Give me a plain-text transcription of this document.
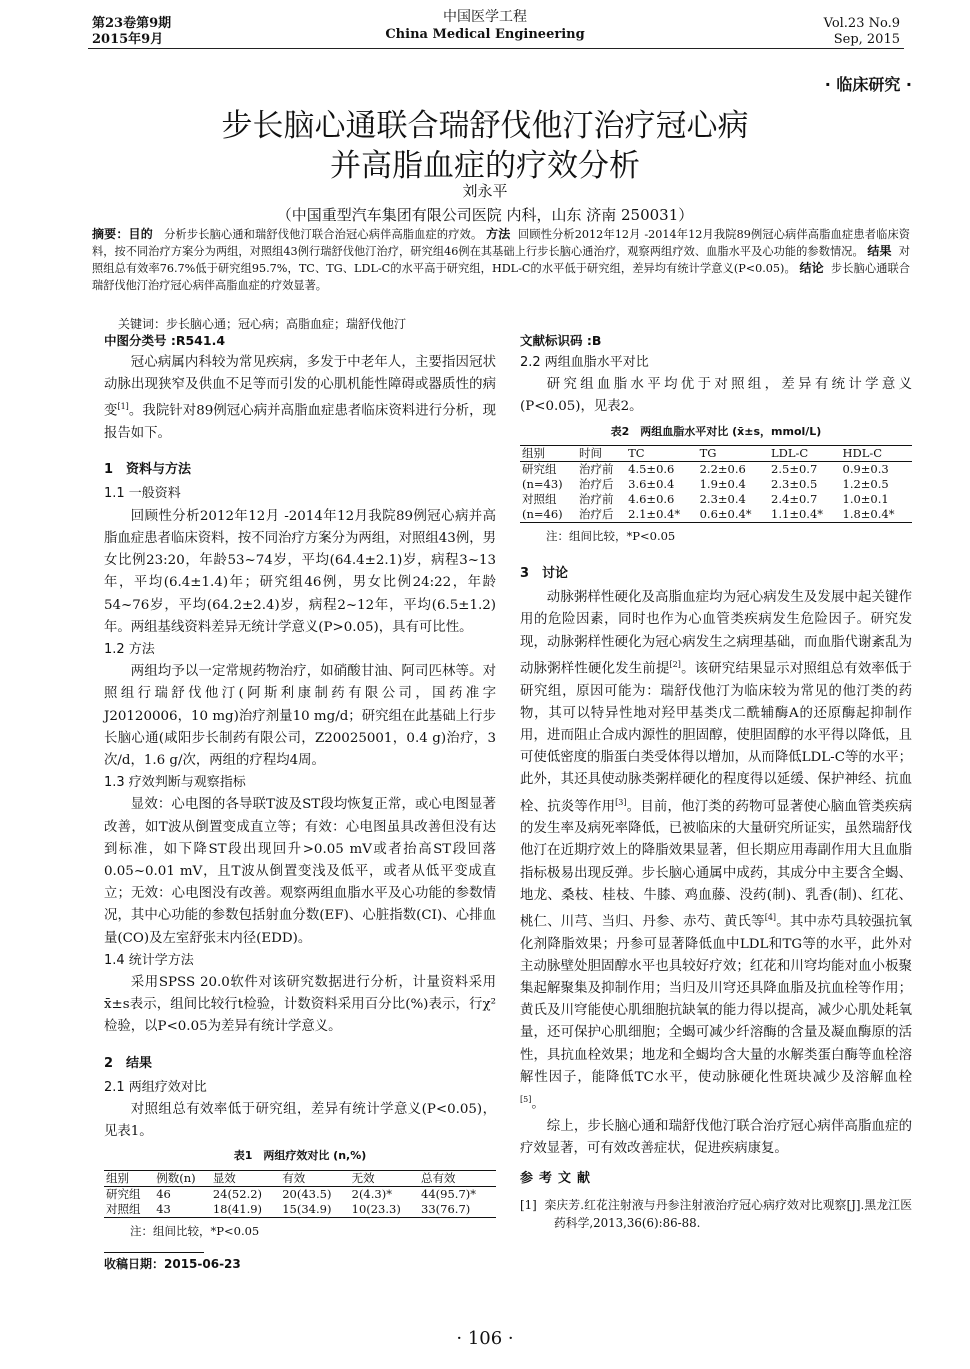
第23卷第9期
2015年9月
中国医学工程
China Medical Engineering
Vol.23 No.9
Sep, 2015
· 临床研究 ·
步长脑心通联合瑞舒伐他汀治疗冠心病
并高脂血症的疗效分析
刘永平
（中国重型汽车集团有限公司医院 内科，山东 济南 250031）
摘要：目的 分析步长脑心通和瑞舒伐他汀联合治冠心病伴高脂血症的疗效。 方法 回顾性分析2012年12月 -2014年12月我院89例冠心病伴高脂血症患者临床资料，按不同治疗方案分为两组，对照组43例行瑞舒伐他汀治疗，研究组46例在其基础上行步长脑心通治疗，观察两组疗效、血脂水平及心功能的参数情况。 结果 对照组总有效率76.7%低于研究组95.7%，TC、TG、LDL-C的水平高于研究组，HDL-C的水平低于研究组，差异均有统计学意义(P<0.05)。 结论 步长脑心通联合瑞舒伐他汀治疗冠心病伴高脂血症的疗效显著。
关键词：步长脑心通；冠心病；高脂血症；瑞舒伐他汀
中图分类号 :R541.4	文献标识码 :B

冠心病属内科较为常见疾病，多发于中老年人，主要指因冠状动脉出现狭窄及供血不足等而引发的心肌机能性障碍或器质性的病变[1]。我院针对89例冠心病并高脂血症患者临床资料进行分析，现报告如下。

1　资料与方法
1.1 一般资料

回顾性分析2012年12月 -2014年12月我院89例冠心病并高脂血症患者临床资料，按不同治疗方案分为两组，对照组43例，男女比例23:20，年龄53~74岁，平均(64.4±2.1)岁，病程3~13年，平均(6.4±1.4)年；研究组46例，男女比例24:22，年龄54~76岁，平均(64.2±2.4)岁，病程2~12年，平均(6.5±1.2)年。两组基线资料差异无统计学意义(P>0.05)，具有可比性。

1.2 方法

两组均予以一定常规药物治疗，如硝酸甘油、阿司匹林等。对照组行瑞舒伐他汀(阿斯利康制药有限公司，国药准字J20120006，10 mg)治疗剂量10 mg/d；研究组在此基础上行步长脑心通(咸阳步长制药有限公司，Z20025001，0.4 g)治疗，3次/d，1.6 g/次，两组的疗程均4周。

1.3 疗效判断与观察指标

显效：心电图的各导联T波及ST段均恢复正常，或心电图显著改善，如T波从倒置变成直立等；有效：心电图虽具改善但没有达到标准，如下降ST段出现回升>0.05 mV或者抬高ST段回落0.05~0.01 mV，且T波从倒置变浅及低平，或者从低平变成直立；无效：心电图没有改善。观察两组血脂水平及心功能的参数情况，其中心功能的参数包括射血分数(EF)、心脏指数(CI)、心排血量(CO)及左室舒张末内径(EDD)。

1.4 统计学方法

采用SPSS 20.0软件对该研究数据进行分析，计量资料采用x̄±s表示，组间比较行t检验，计数资料采用百分比(%)表示，行χ²检验，以P<0.05为差异有统计学意义。

2　结果
2.1 两组疗效对比

对照组总有效率低于研究组，差异有统计学意义(P<0.05)，见表1。

表1　两组疗效对比 (n,%)
组别	例数(n)	显效	有效	无效	总有效
研究组	46	24(52.2)	20(43.5)	2(4.3)*	44(95.7)*
对照组	43	18(41.9)	15(34.9)	10(23.3)	33(76.7)
注：组间比较，*P<0.05
收稿日期：2015-06-23
2.2 两组血脂水平对比

研究组血脂水平均优于对照组，差异有统计学意义(P<0.05)，见表2。

表2　两组血脂水平对比 (x̄±s，mmol/L)
组别	时间	TC	TG	LDL-C	HDL-C
研究组	治疗前	4.5±0.6	2.2±0.6	2.5±0.7	0.9±0.3
(n=43)	治疗后	3.6±0.4	1.9±0.4	2.3±0.5	1.2±0.5
对照组	治疗前	4.6±0.6	2.3±0.4	2.4±0.7	1.0±0.1
(n=46)	治疗后	2.1±0.4*	0.6±0.4*	1.1±0.4*	1.8±0.4*
注：组间比较，*P<0.05
3　讨论

动脉粥样性硬化及高脂血症均为冠心病发生及发展中起关键作用的危险因素，同时也作为心血管类疾病发生危险因子。研究发现，动脉粥样性硬化为冠心病发生之病理基础，而血脂代谢紊乱为动脉粥样性硬化发生前提[2]。该研究结果显示对照组总有效率低于研究组，原因可能为：瑞舒伐他汀为临床较为常见的他汀类的药物，其可以特异性地对羟甲基类戊二酰辅酶A的还原酶起抑制作用，进而阻止合成内源性的胆固醇，使胆固醇的水平得以降低，且可使低密度的脂蛋白类受体得以增加，从而降低LDL-C等的水平；此外，其还具使动脉类粥样硬化的程度得以延缓、保护神经、抗血栓、抗炎等作用[3]。目前，他汀类的药物可显著使心脑血管类疾病的发生率及病死率降低，已被临床的大量研究所证实，虽然瑞舒伐他汀在近期疗效上的降脂效果显著，但长期应用毒副作用大且血脂指标极易出现反弹。步长脑心通属中成药，其成分中主要含全蝎、地龙、桑枝、桂枝、牛膝、鸡血藤、没药(制)、乳香(制)、红花、桃仁、川芎、当归、丹参、赤芍、黄氏等[4]。其中赤芍具较强抗氧化剂降脂效果；丹参可显著降低血中LDL和TG等的水平，此外对主动脉壁处胆固醇水平也具较好疗效；红花和川穹均能对血小板聚集起解聚集及抑制作用；当归及川穹还具降血脂及抗血栓等作用；黄氏及川穹能使心肌细胞抗缺氧的能力得以提高，减少心肌处耗氧量，还可保护心肌细胞；全蝎可减少纤溶酶的含量及凝血酶原的活性，具抗血栓效果；地龙和全蝎均含大量的水解类蛋白酶等血栓溶解性因子，能降低TC水平，使动脉硬化性斑块减少及溶解血栓[5]。

综上，步长脑心通和瑞舒伐他汀联合治疗冠心病伴高脂血症的疗效显著，可有效改善症状，促进疾病康复。

参考文献
[1] 栾庆芳.红花注射液与丹参注射液治疗冠心病疗效对比观察[J].黑龙江医药科学,2013,36(6):86-88.
· 106 ·
